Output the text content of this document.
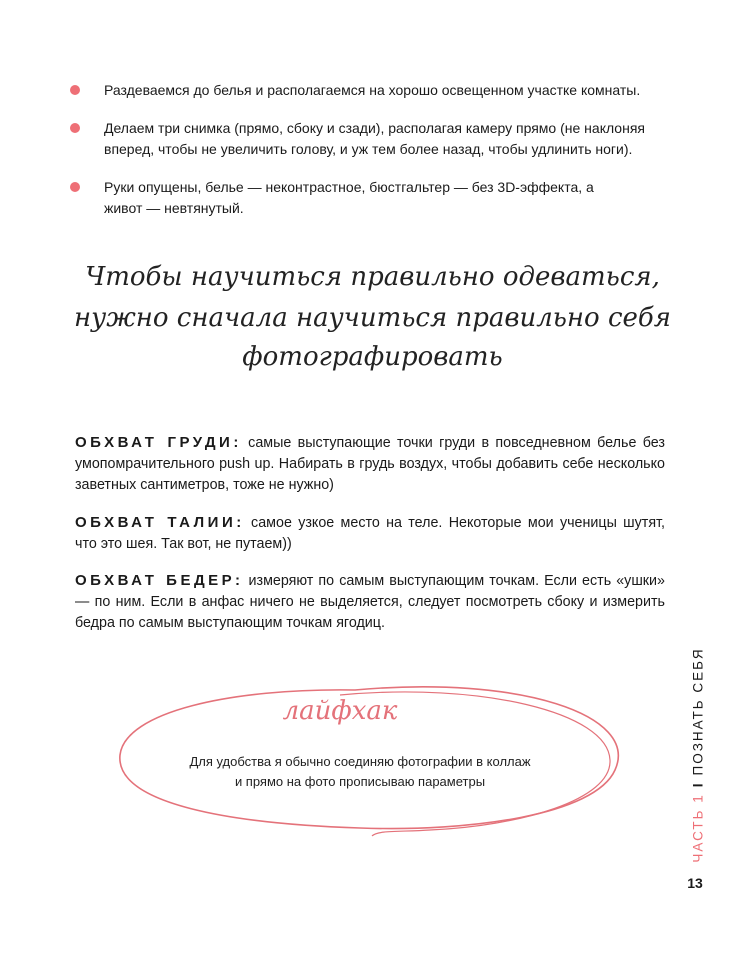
Раздеваемся до белья и располагаемся на хорошо освещенном участке комнаты.
Делаем три снимка (прямо, сбоку и сзади), располагая камеру прямо (не наклоняя вперед, чтобы не увеличить голову, и уж тем более назад, чтобы удлинить ноги).
Руки опущены, белье — неконтрастное, бюстгальтер — без 3D-эффекта, а живот — невтянутый.
Чтобы научиться правильно одеваться,
нужно сначала научиться правильно себя
фотографировать
ОБХВАТ ГРУДИ: самые выступающие точки груди в повседневном белье без умопомрачительного push up. Набирать в грудь воздух, чтобы добавить себе несколько заветных сантиметров, тоже не нужно)
ОБХВАТ ТАЛИИ: самое узкое место на теле. Некоторые мои ученицы шутят, что это шея. Так вот, не путаем))
ОБХВАТ БЕДЕР: измеряют по самым выступающим точкам. Если есть «ушки» — по ним. Если в анфас ничего не выделяется, следует посмотреть сбоку и измерить бедра по самым выступающим точкам ягодиц.
лайфхак
Для удобства я обычно соединяю фотографии в коллаж
и прямо на фото прописываю параметры
ЧАСТЬ 1IПОЗНАТЬ СЕБЯ
13
